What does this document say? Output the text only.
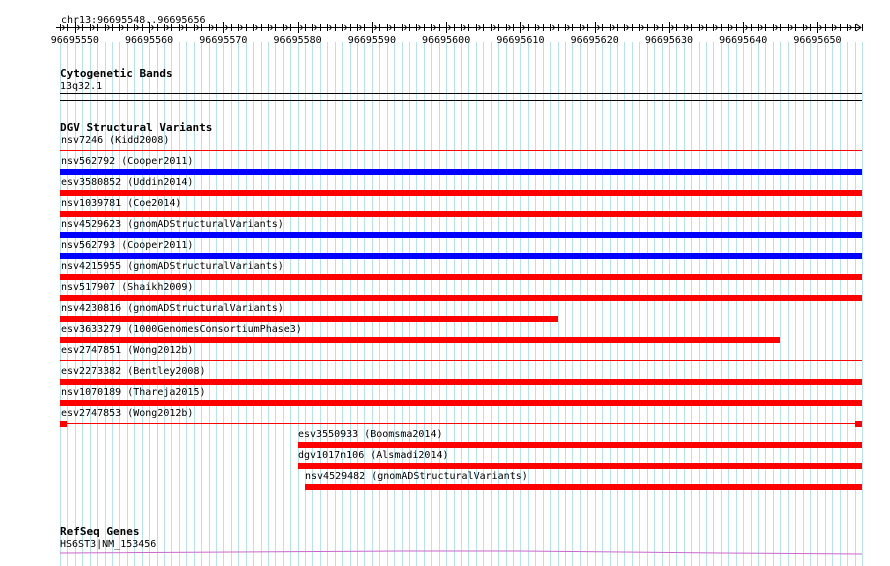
chr13:96695548..96695656
96695550	96695560	96695570	96695580	96695590	96695600	96695610	96695620	96695630	96695640	96695650
Cytogenetic Bands
13q32.1
DGV Structural Variants
nsv7246 (Kidd2008)
nsv562792 (Cooper2011)
esv3580852 (Uddin2014)
nsv1039781 (Coe2014)
nsv4529623 (gnomADStructuralVariants)
nsv562793 (Cooper2011)
nsv4215955 (gnomADStructuralVariants)
nsv517907 (Shaikh2009)
nsv4230816 (gnomADStructuralVariants)
esv3633279 (1000GenomesConsortiumPhase3)
esv2747851 (Wong2012b)
esv2273382 (Bentley2008)
nsv1070189 (Thareja2015)
esv2747853 (Wong2012b)
esv3550933 (Boomsma2014)
dgv1017n106 (Alsmadi2014)
nsv4529482 (gnomADStructuralVariants)
RefSeq Genes
HS6ST3|NM_153456
